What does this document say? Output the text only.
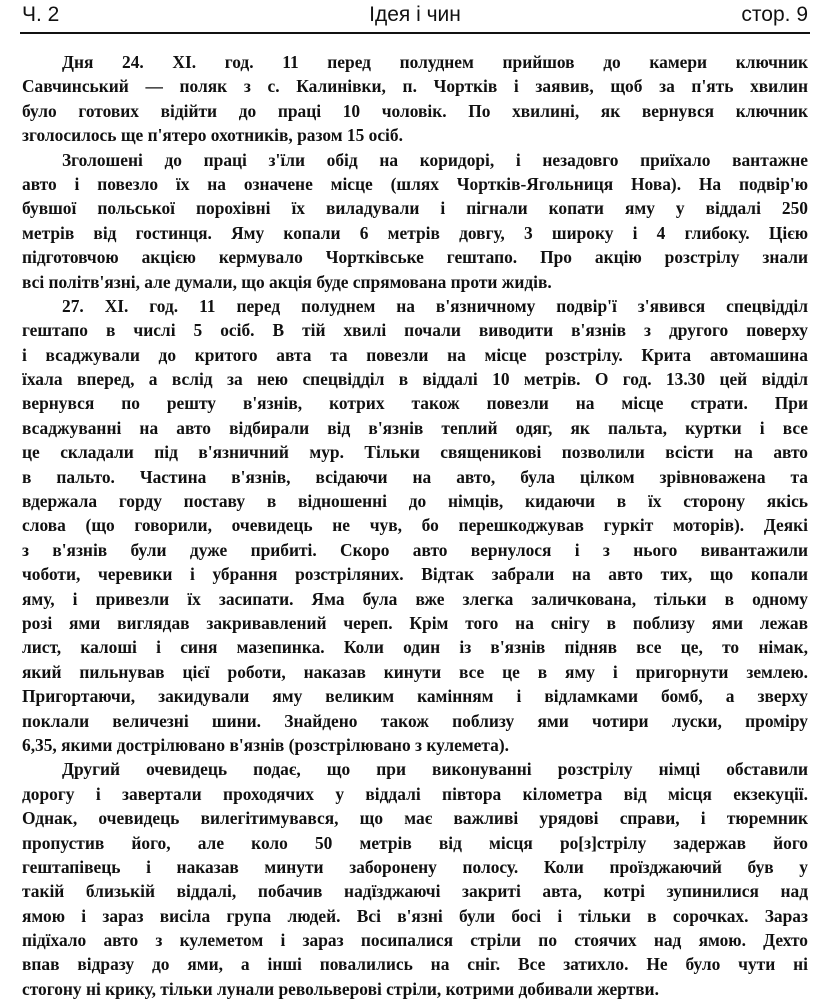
Ч. 2	Ідея і чин	стор. 9
Дня 24. XI. год. 11 перед полуднем прийшов до камери ключник
Савчинський — поляк з с. Калинівки, п. Чортків і заявив, щоб за п'ять хвилин
було готових відійти до праці 10 чоловік. По хвилині, як вернувся ключник
зголосилось ще п'ятеро охотників, разом 15 осіб.
Зголошені до праці з'їли обід на коридорі, і незадовго приїхало вантажне
авто і повезло їх на означене місце (шлях Чортків-Ягольниця Нова). На подвір'ю
бувшої польської порохівні їх виладували і пігнали копати яму у віддалі 250
метрів від гостинця. Яму копали 6 метрів довгу, 3 широку і 4 глибоку. Цією
підготовчою акцією кермувало Чортківське гештапо. Про акцію розстрілу знали
всі політв'язні, але думали, що акція буде спрямована проти жидів.
27. XI. год. 11 перед полуднем на в'язничному подвір'ї з'явився спецвідділ
гештапо в числі 5 осіб. В тій хвилі почали виводити в'язнів з другого поверху
і всаджували до критого авта та повезли на місце розстрілу. Крита автомашина
їхала вперед, а вслід за нею спецвідділ в віддалі 10 метрів. О год. 13.30 цей відділ
вернувся по решту в'язнів, котрих також повезли на місце страти. При
всаджуванні на авто відбирали від в'язнів теплий одяг, як пальта, куртки і все
це складали під в'язничний мур. Тільки священикові позволили всісти на авто
в пальто. Частина в'язнів, всідаючи на авто, була цілком зрівноважена та
вдержала горду поставу в відношенні до німців, кидаючи в їх сторону якісь
слова (що говорили, очевидець не чув, бо перешкоджував гуркіт моторів). Деякі
з в'язнів були дуже прибиті. Скоро авто вернулося і з нього вивантажили
чоботи, черевики і убрання розстріляних. Відтак забрали на авто тих, що копали
яму, і привезли їх засипати. Яма була вже злегка заличкована, тільки в одному
розі ями виглядав закривавлений череп. Крім того на снігу в поблизу ями лежав
лист, калоші і синя мазепинка. Коли один із в'язнів підняв все це, то німак,
який пильнував цієї роботи, наказав кинути все це в яму і пригорнути землею.
Пригортаючи, закидували яму великим камінням і відламками бомб, а зверху
поклали величезні шини. Знайдено також поблизу ями чотири луски, проміру
6,35, якими дострілювано в'язнів (розстрілювано з кулемета).
Другий очевидець подає, що при виконуванні розстрілу німці обставили
дорогу і завертали проходячих у віддалі півтора кілометра від місця екзекуції.
Однак, очевидець вилегітимувався, що має важливі урядові справи, і тюремник
пропустив його, але коло 50 метрів від місця ро[з]стрілу задержав його
гештапівець і наказав минути заборонену полосу. Коли проїзджаючий був у
такій близькій віддалі, побачив надїзджаючі закриті авта, котрі зупинилися над
ямою і зараз висіла група людей. Всі в'язні були босі і тільки в сорочках. Зараз
підїхало авто з кулеметом і зараз посипалися стріли по стоячих над ямою. Дехто
впав відразу до ями, а інші повалились на сніг. Все затихло. Не було чути ні
стогону ні крику, тільки лунали револьверові стріли, котрими добивали жертви.
